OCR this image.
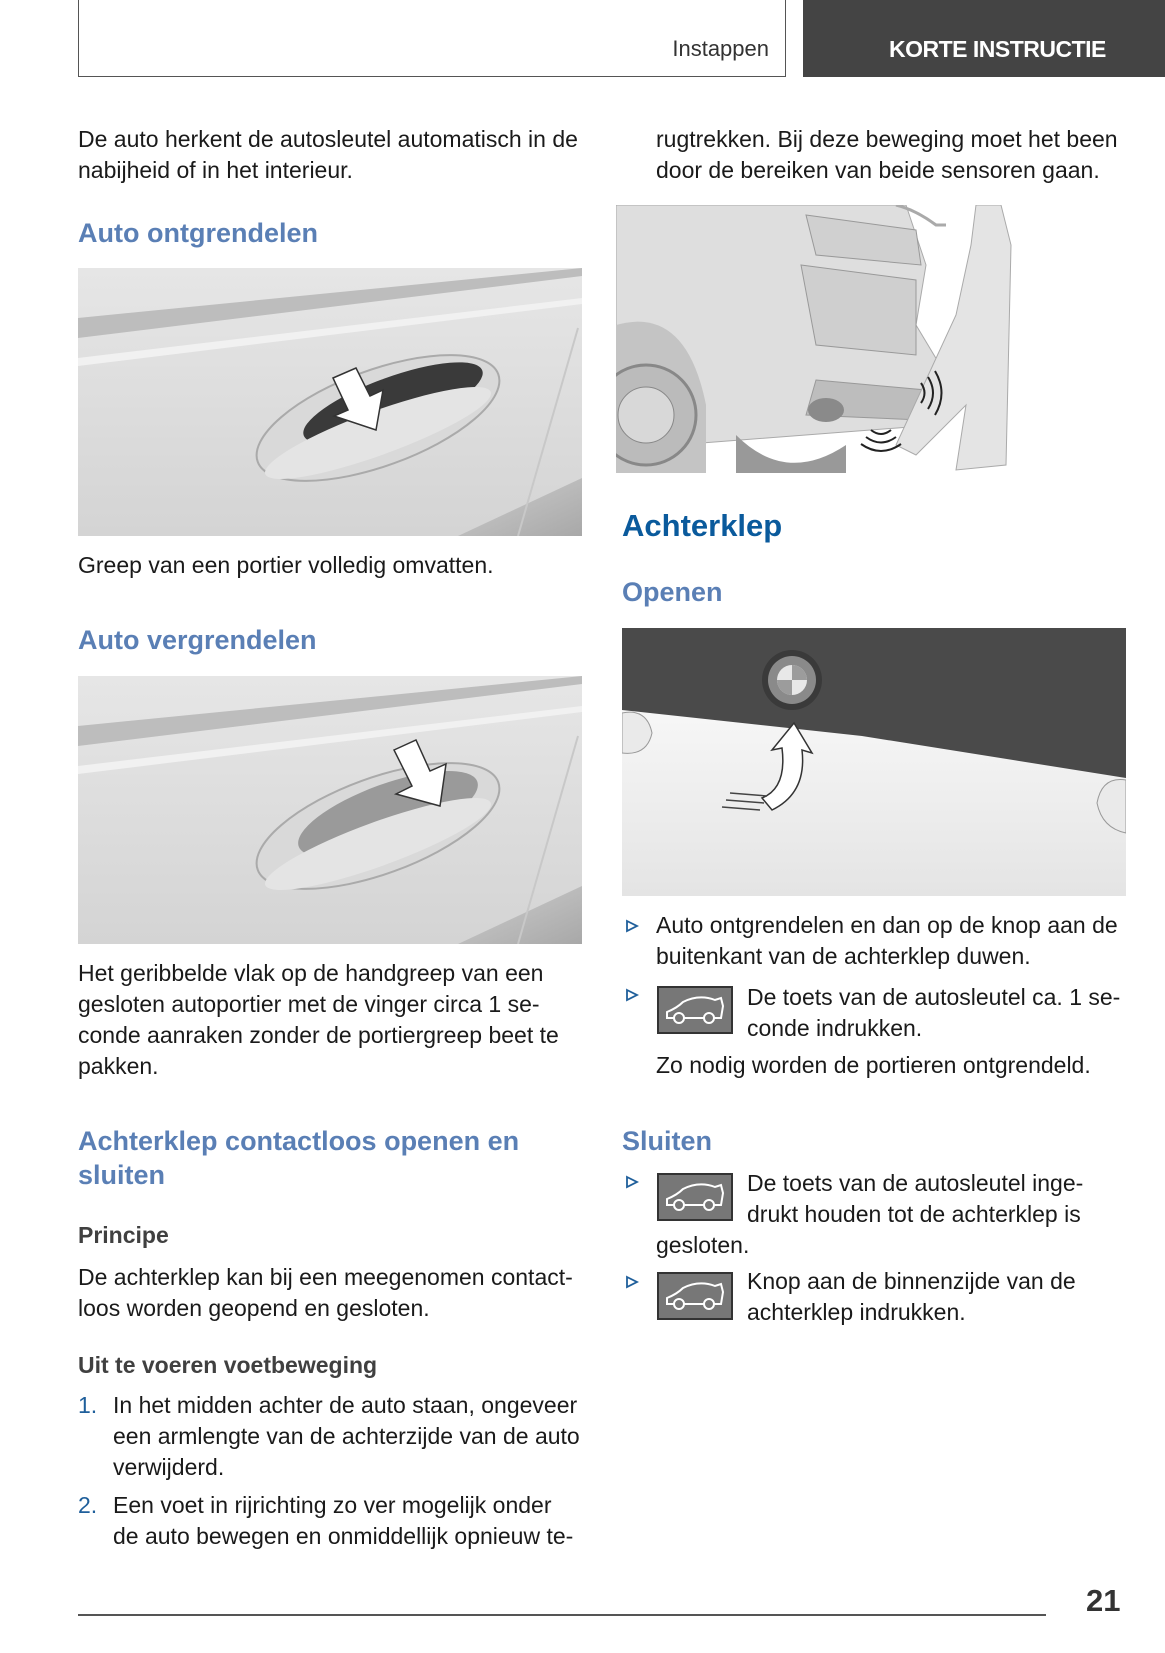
Instappen	KORTE INSTRUCTIE

De auto herkent de autosleutel automatisch in de nabijheid of in het interieur.

Auto ontgrendelen

Greep van een portier volledig omvatten.

Auto vergrendelen

Het geribbelde vlak op de handgreep van een

gesloten autoportier met de vinger circa 1 se-

conde aanraken zonder de portiergreep beet te

pakken.

Achterklep contactloos openen en
sluiten
Principe

De achterklep kan bij een meegenomen contact-

loos worden geopend en gesloten.

Uit te voeren voetbeweging
1. In het midden achter de auto staan, ongeveer
een armlengte van de achterzijde van de auto
verwijderd.
2. Een voet in rijrichting zo ver mogelijk onder
de auto bewegen en onmiddellijk opnieuw te-

rugtrekken. Bij deze beweging moet het been

door de bereiken van beide sensoren gaan.

Achterklep
Openen

Auto ontgrendelen en dan op de knop aan de

buitenkant van de achterklep duwen.

De toets van de autosleutel ca. 1 se-

conde indrukken.

Zo nodig worden de portieren ontgrendeld.

Sluiten

De toets van de autosleutel inge-

drukt houden tot de achterklep is

gesloten.

Knop aan de binnenzijde van de

achterklep indrukken.

21
